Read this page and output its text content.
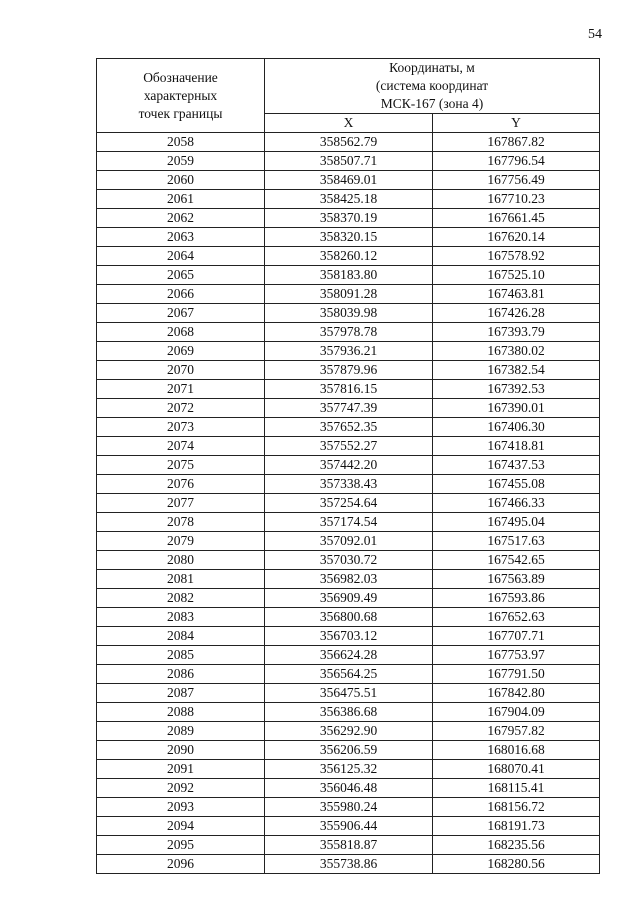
54
Обозначение
характерных
точек границы	Координаты, м
(система координат
МСК-167 (зона 4)	

	X	Y
2058	358562.79	167867.82
2059	358507.71	167796.54
2060	358469.01	167756.49
2061	358425.18	167710.23
2062	358370.19	167661.45
2063	358320.15	167620.14
2064	358260.12	167578.92
2065	358183.80	167525.10
2066	358091.28	167463.81
2067	358039.98	167426.28
2068	357978.78	167393.79
2069	357936.21	167380.02
2070	357879.96	167382.54
2071	357816.15	167392.53
2072	357747.39	167390.01
2073	357652.35	167406.30
2074	357552.27	167418.81
2075	357442.20	167437.53
2076	357338.43	167455.08
2077	357254.64	167466.33
2078	357174.54	167495.04
2079	357092.01	167517.63
2080	357030.72	167542.65
2081	356982.03	167563.89
2082	356909.49	167593.86
2083	356800.68	167652.63
2084	356703.12	167707.71
2085	356624.28	167753.97
2086	356564.25	167791.50
2087	356475.51	167842.80
2088	356386.68	167904.09
2089	356292.90	167957.82
2090	356206.59	168016.68
2091	356125.32	168070.41
2092	356046.48	168115.41
2093	355980.24	168156.72
2094	355906.44	168191.73
2095	355818.87	168235.56
2096	355738.86	168280.56
